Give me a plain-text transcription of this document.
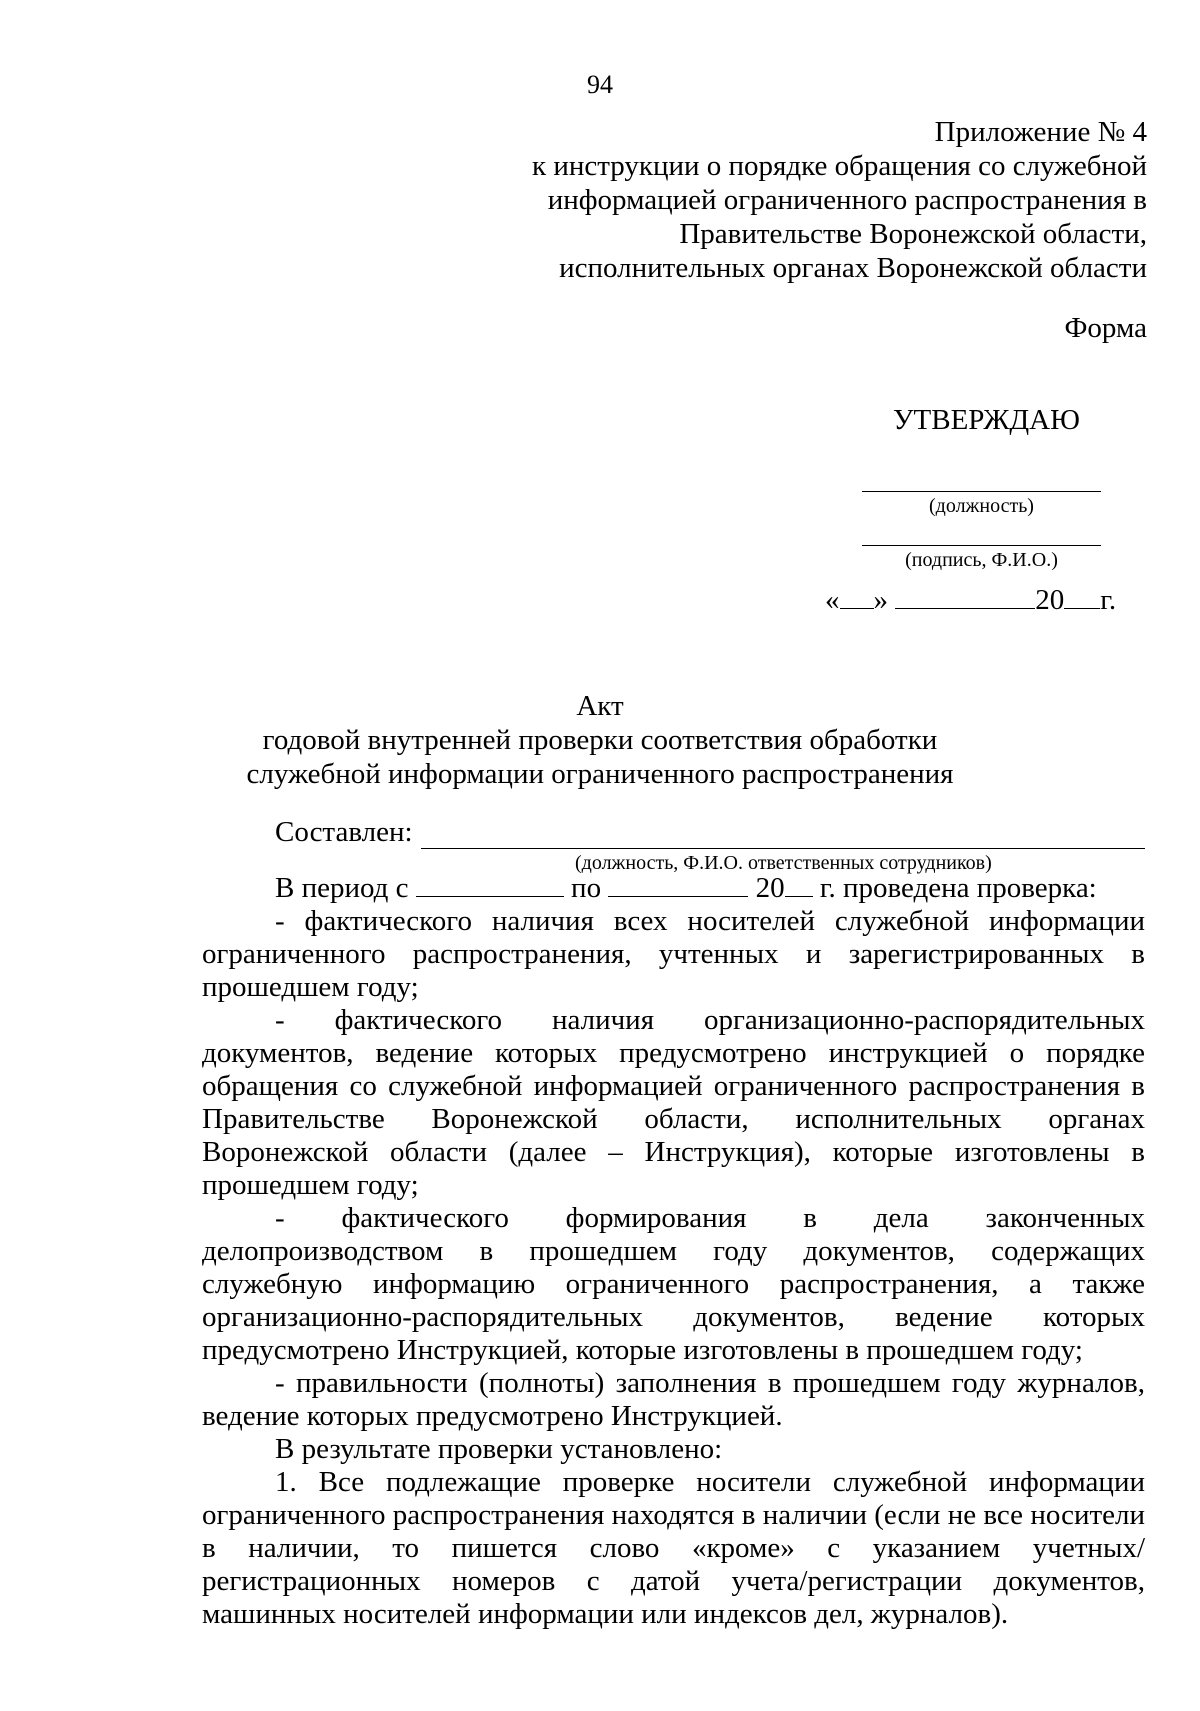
94
Приложение № 4
к инструкции о порядке обращения со служебной
информацией ограниченного распространения в
Правительстве Воронежской области,
исполнительных органах Воронежской области
Форма
УТВЕРЖДАЮ
(должность)
(подпись, Ф.И.О.)
« »	20 г.
Акт
годовой внутренней проверки соответствия обработки
служебной информации ограниченного распространения
Составлен:
(должность, Ф.И.О. ответственных сотрудников)
В период с	по	20 г. проведена проверка:

- фактического наличия всех носителей служебной информации ограниченного распространения, учтенных и зарегистрированных в прошедшем году;

- фактического наличия организационно-распорядительных документов, ведение которых предусмотрено инструкцией о порядке обращения со служебной информацией ограниченного распространения в Правительстве Воронежской области, исполнительных органах Воронежской области (далее – Инструкция), которые изготовлены в прошедшем году;

- фактического формирования в дела законченных делопроизводством в прошедшем году документов, содержащих служебную информацию ограниченного распространения, а также организационно-распорядительных документов, ведение которых предусмотрено Инструкцией, которые изготовлены в прошедшем году;

- правильности (полноты) заполнения в прошедшем году журналов, ведение которых предусмотрено Инструкцией.

В результате проверки установлено:

1. Все подлежащие проверке носители служебной информации ограниченного распространения находятся в наличии (если не все носители в наличии, то пишется слово «кроме» с указанием учетных/регистрационных номеров с датой учета/регистрации документов, машинных носителей информации или индексов дел, журналов).
